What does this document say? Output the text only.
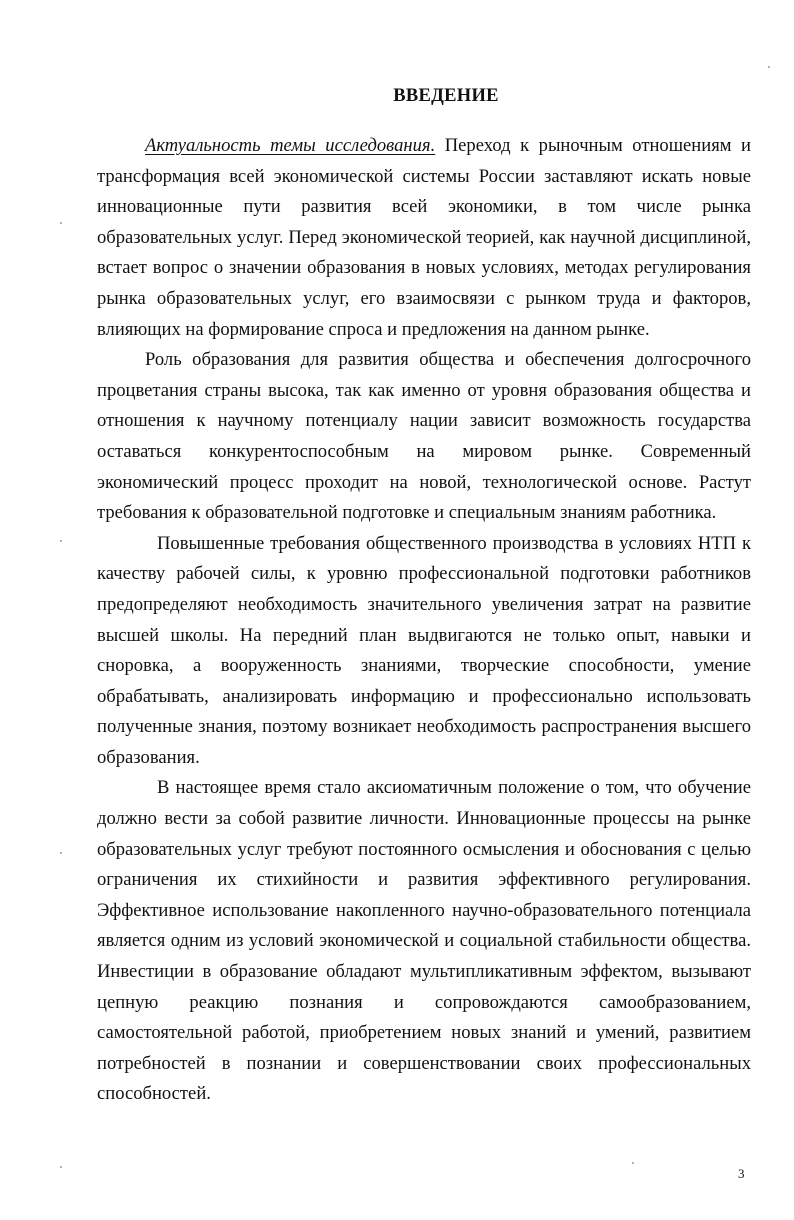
ВВЕДЕНИЕ

Актуальность темы исследования. Переход к рыночным отношениям и трансформация всей экономической системы России заставляют искать новые инновационные пути развития всей экономики, в том числе рынка образовательных услуг. Перед экономической теорией, как научной дисциплиной, встает вопрос о значении образования в новых условиях, методах регулирования рынка образовательных услуг, его взаимосвязи с рынком труда и факторов, влияющих на формирование спроса и предложения на данном рынке.

Роль образования для развития общества и обеспечения долгосрочного процветания страны высока, так как именно от уровня образования общества и отношения к научному потенциалу нации зависит возможность государства оставаться конкурентоспособным на мировом рынке. Современный экономический процесс проходит на новой, технологической основе. Растут требования к образовательной подготовке и специальным знаниям работника.

Повышенные требования общественного производства в условиях НТП к качеству рабочей силы, к уровню профессиональной подготовки работников предопределяют необходимость значительного увеличения затрат на развитие высшей школы. На передний план выдвигаются не только опыт, навыки и сноровка, а вооруженность знаниями, творческие способности, умение обрабатывать, анализировать информацию и профессионально использовать полученные знания, поэтому возникает необходимость распространения высшего образования.

В настоящее время стало аксиоматичным положение о том, что обучение должно вести за собой развитие личности. Инновационные процессы на рынке образовательных услуг требуют постоянного осмысления и обоснования с целью ограничения их стихийности и развития эффективного регулирования. Эффективное использование накопленного научно-образовательного потенциала является одним из условий экономической и социальной стабильности общества. Инвестиции в образование обладают мультипликативным эффектом, вызывают цепную реакцию познания и сопровождаются самообразованием, самостоятельной работой, приобретением новых знаний и умений, развитием потребностей в познании и совершенствовании своих профессиональных способностей.

3
